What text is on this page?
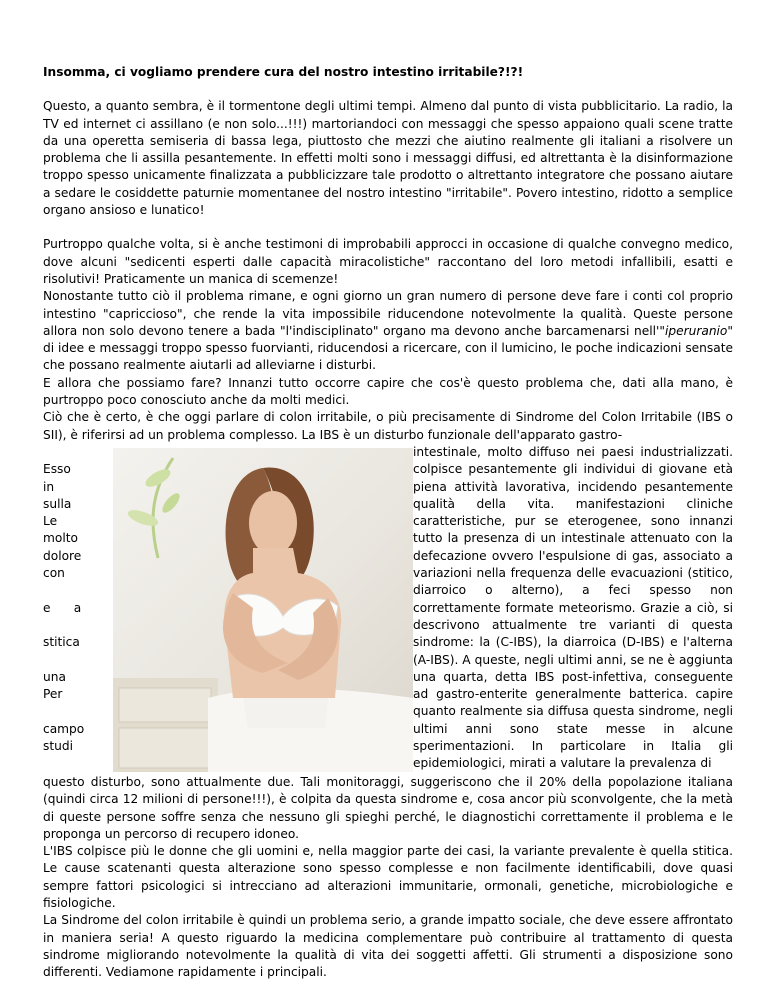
Insomma, ci vogliamo prendere cura del nostro intestino irritabile?!?!

Questo, a quanto sembra, è il tormentone degli ultimi tempi. Almeno dal punto di vista pubblicitario. La radio, la TV ed internet ci assillano (e non solo...!!!) martoriandoci con messaggi che spesso appaiono quali scene tratte da una operetta semiseria di bassa lega, piuttosto che mezzi che aiutino realmente gli italiani a risolvere un problema che li assilla pesantemente. In effetti molti sono i messaggi diffusi, ed altrettanta è la disinformazione troppo spesso unicamente finalizzata a pubblicizzare tale prodotto o altrettanto integratore che possano aiutare a sedare le cosiddette paturnie momentanee del nostro intestino "irritabile". Povero intestino, ridotto a semplice organo ansioso e lunatico!

Purtroppo qualche volta, si è anche testimoni di improbabili approcci in occasione di qualche convegno medico, dove alcuni "sedicenti esperti dalle capacità miracolistiche" raccontano del loro metodi infallibili, esatti e risolutivi! Praticamente un manica di scemenze!

Nonostante tutto ciò il problema rimane, e ogni giorno un gran numero di persone deve fare i conti col proprio intestino "capriccioso", che rende la vita impossibile riducendone notevolmente la qualità. Queste persone allora non solo devono tenere a bada "l'indisciplinato" organo ma devono anche barcamenarsi nell'"iperuranio" di idee e messaggi troppo spesso fuorvianti, riducendosi a ricercare, con il lumicino, le poche indicazioni sensate che possano realmente aiutarli ad alleviarne i disturbi.

E allora che possiamo fare? Innanzi tutto occorre capire che cos'è questo problema che, dati alla mano, è purtroppo poco conosciuto anche da molti medici.

Ciò che è certo, è che oggi parlare di colon irritabile, o più precisamente di Sindrome del Colon Irritabile (IBS o SII), è riferirsi ad un problema complesso. La IBS è un disturbo funzionale dell'apparato gastro-

Esso
in
sulla
Le
molto
dolore
con
e      a
stitica
una
Per
campo
studi

intestinale, molto diffuso nei paesi industrializzati. colpisce pesantemente gli individui di giovane età piena attività lavorativa, incidendo pesantemente qualità della vita. manifestazioni cliniche caratteristiche, pur se eterogenee, sono innanzi tutto la presenza di un intestinale attenuato con la defecazione ovvero l'espulsione di gas, associato a variazioni nella frequenza delle evacuazioni (stitico, diarroico o alterno), a feci spesso non correttamente formate meteorismo. Grazie a ciò, si descrivono attualmente tre varianti di questa sindrome: la (C-IBS), la diarroica (D-IBS) e l'alterna (A-IBS). A queste, negli ultimi anni, se ne è aggiunta una quarta, detta IBS post-infettiva, conseguente ad gastro-enterite generalmente batterica. capire quanto realmente sia diffusa questa sindrome, negli ultimi anni sono state messe in alcune sperimentazioni. In particolare in Italia gli epidemiologici, mirati a valutare la prevalenza di

questo disturbo, sono attualmente due. Tali monitoraggi, suggeriscono che il 20% della popolazione italiana (quindi circa 12 milioni di persone!!!), è colpita da questa sindrome e, cosa ancor più sconvolgente, che la metà di queste persone soffre senza che nessuno gli spieghi perché, le diagnostichi correttamente il problema e le proponga un percorso di recupero idoneo.

L'IBS colpisce più le donne che gli uomini e, nella maggior parte dei casi, la variante prevalente è quella stitica. Le cause scatenanti questa alterazione sono spesso complesse e non facilmente identificabili, dove quasi sempre fattori psicologici si intrecciano ad alterazioni immunitarie, ormonali, genetiche, microbiologiche e fisiologiche.

La Sindrome del colon irritabile è quindi un problema serio, a grande impatto sociale, che deve essere affrontato in maniera seria! A questo riguardo la medicina complementare può contribuire al trattamento di questa sindrome migliorando notevolmente la qualità di vita dei soggetti affetti. Gli strumenti a disposizione sono differenti. Vediamone rapidamente i principali.
